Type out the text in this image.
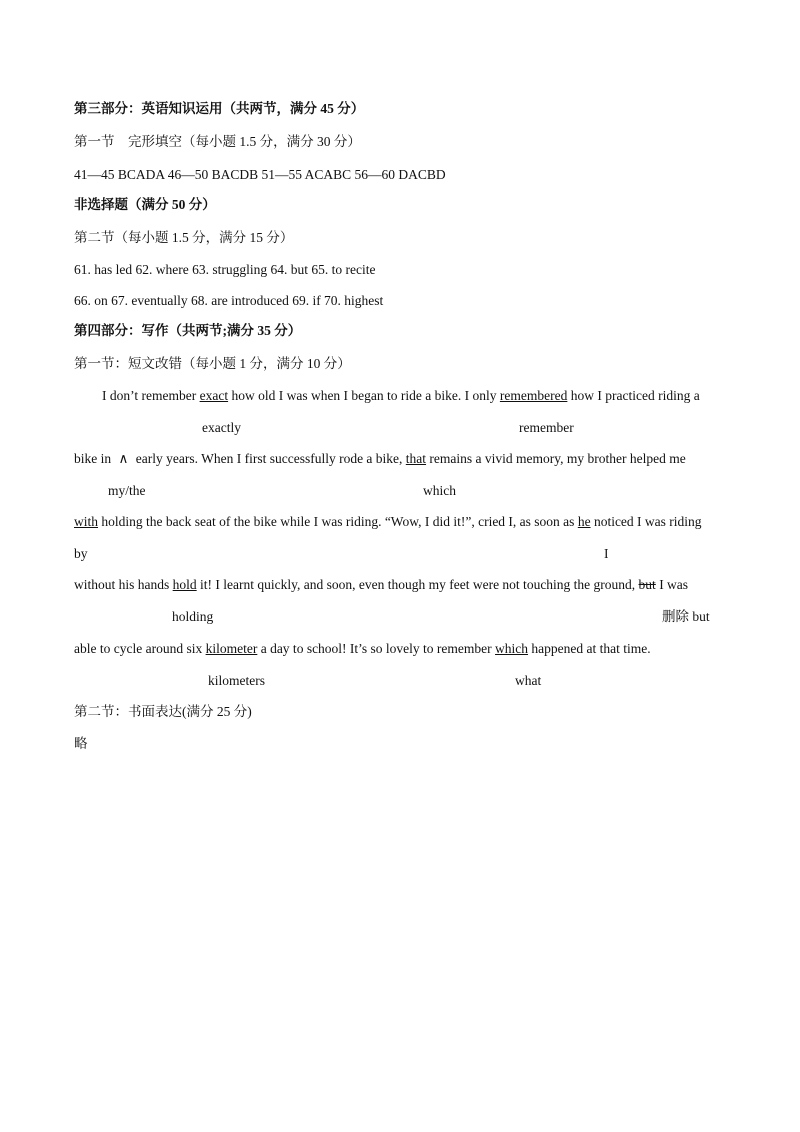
第三部分：英语知识运用（共两节，满分 45 分）
第一节　完形填空（每小题 1.5 分，满分 30 分）
41—45 BCADA 46—50 BACDB 51—55 ACABC 56—60 DACBD
非选择题（满分 50 分）
第二节（每小题 1.5 分，满分 15 分）
61. has led 62. where 63. struggling 64. but 65. to recite
66. on 67. eventually 68. are introduced 69. if 70. highest
第四部分：写作（共两节;满分 35 分）
第一节：短文改错（每小题 1 分，满分 10 分）
I don’t remember exact how old I was when I began to ride a bike. I only remembered how I practiced riding a
exactly	remember
bike in ∧ early years. When I first successfully rode a bike, that remains a vivid memory, my brother helped me
my/the	which
with holding the back seat of the bike while I was riding. “Wow, I did it!”, cried I, as soon as he noticed I was riding
by	I
without his hands hold it! I learnt quickly, and soon, even though my feet were not touching the ground, but I was
holding	删除 but
able to cycle around six kilometer a day to school! It’s so lovely to remember which happened at that time.
kilometers	what
第二节：书面表达(满分 25 分)
略
